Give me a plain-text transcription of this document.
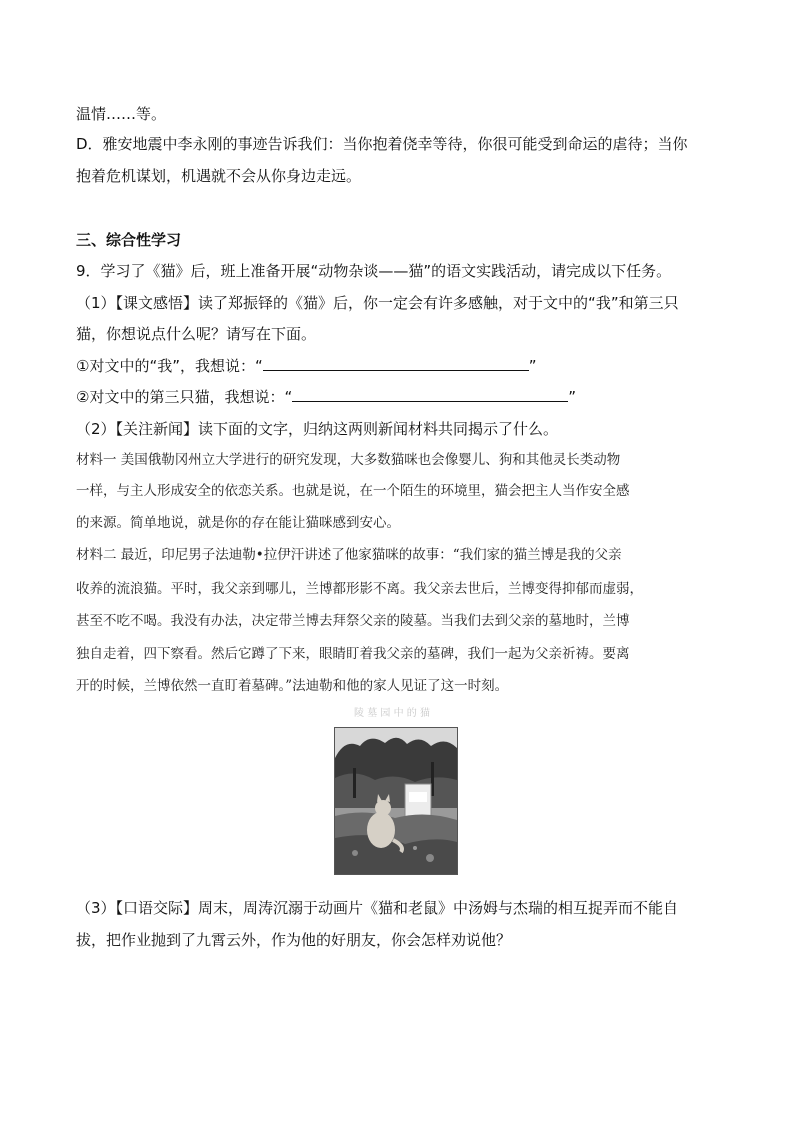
温情……等。
D．雅安地震中李永刚的事迹告诉我们：当你抱着侥幸等待，你很可能受到命运的虐待；当你
抱着危机谋划，机遇就不会从你身边走远。
三、综合性学习
9．学习了《猫》后，班上准备开展“动物杂谈——猫”的语文实践活动，请完成以下任务。
（1）【课文感悟】读了郑振铎的《猫》后，你一定会有许多感触，对于文中的“我”和第三只
猫，你想说点什么呢？请写在下面。
①对文中的“我”，我想说：“	”
②对文中的第三只猫，我想说：“	”
（2）【关注新闻】读下面的文字，归纳这两则新闻材料共同揭示了什么。
材料一 美国俄勒冈州立大学进行的研究发现，大多数猫咪也会像婴儿、狗和其他灵长类动物
一样，与主人形成安全的依恋关系。也就是说，在一个陌生的环境里，猫会把主人当作安全感
的来源。简单地说，就是你的存在能让猫咪感到安心。
材料二 最近，印尼男子法迪勒•拉伊汗讲述了他家猫咪的故事：“我们家的猫兰博是我的父亲
收养的流浪猫。平时，我父亲到哪儿，兰博都形影不离。我父亲去世后，兰博变得抑郁而虚弱，
甚至不吃不喝。我没有办法，决定带兰博去拜祭父亲的陵墓。当我们去到父亲的墓地时，兰博
独自走着，四下察看。然后它蹲了下来，眼睛盯着我父亲的墓碑，我们一起为父亲祈祷。要离
开的时候，兰博依然一直盯着墓碑。”法迪勒和他的家人见证了这一时刻。
陵 墓 园 中 的 猫
（3）【口语交际】周末，周涛沉溺于动画片《猫和老鼠》中汤姆与杰瑞的相互捉弄而不能自
拔，把作业抛到了九霄云外，作为他的好朋友，你会怎样劝说他？
